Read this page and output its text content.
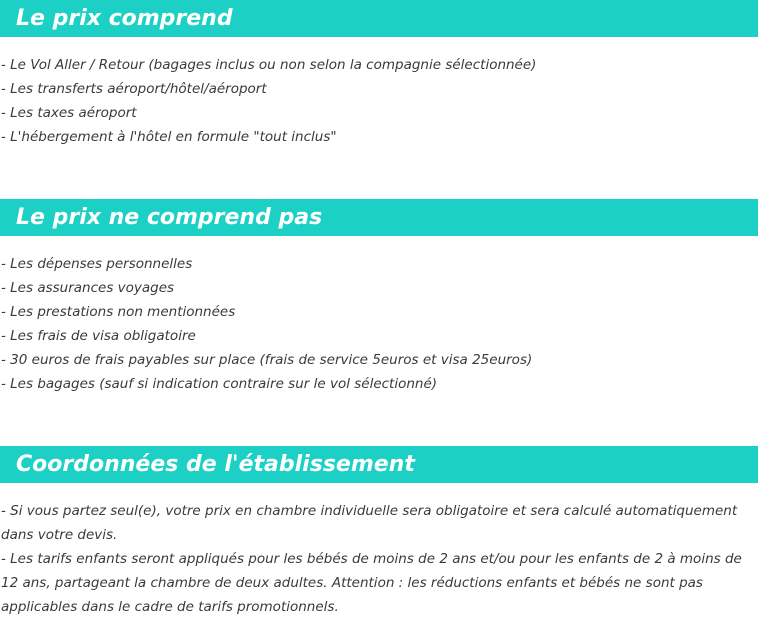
Le prix comprend
- Le Vol Aller / Retour (bagages inclus ou non selon la compagnie sélectionnée)
- Les transferts aéroport/hôtel/aéroport
- Les taxes aéroport
- L'hébergement à l'hôtel en formule "tout inclus"
Le prix ne comprend pas
- Les dépenses personnelles
- Les assurances voyages
- Les prestations non mentionnées
- Les frais de visa obligatoire
- 30 euros de frais payables sur place (frais de service 5euros et visa 25euros)
- Les bagages (sauf si indication contraire sur le vol sélectionné)
Coordonnées de l'établissement

- Si vous partez seul(e), votre prix en chambre individuelle sera obligatoire et sera calculé automatiquement dans votre devis.

- Les tarifs enfants seront appliqués pour les bébés de moins de 2 ans et/ou pour les enfants de 2 à moins de 12 ans, partageant la chambre de deux adultes. Attention : les réductions enfants et bébés ne sont pas applicables dans le cadre de tarifs promotionnels.
